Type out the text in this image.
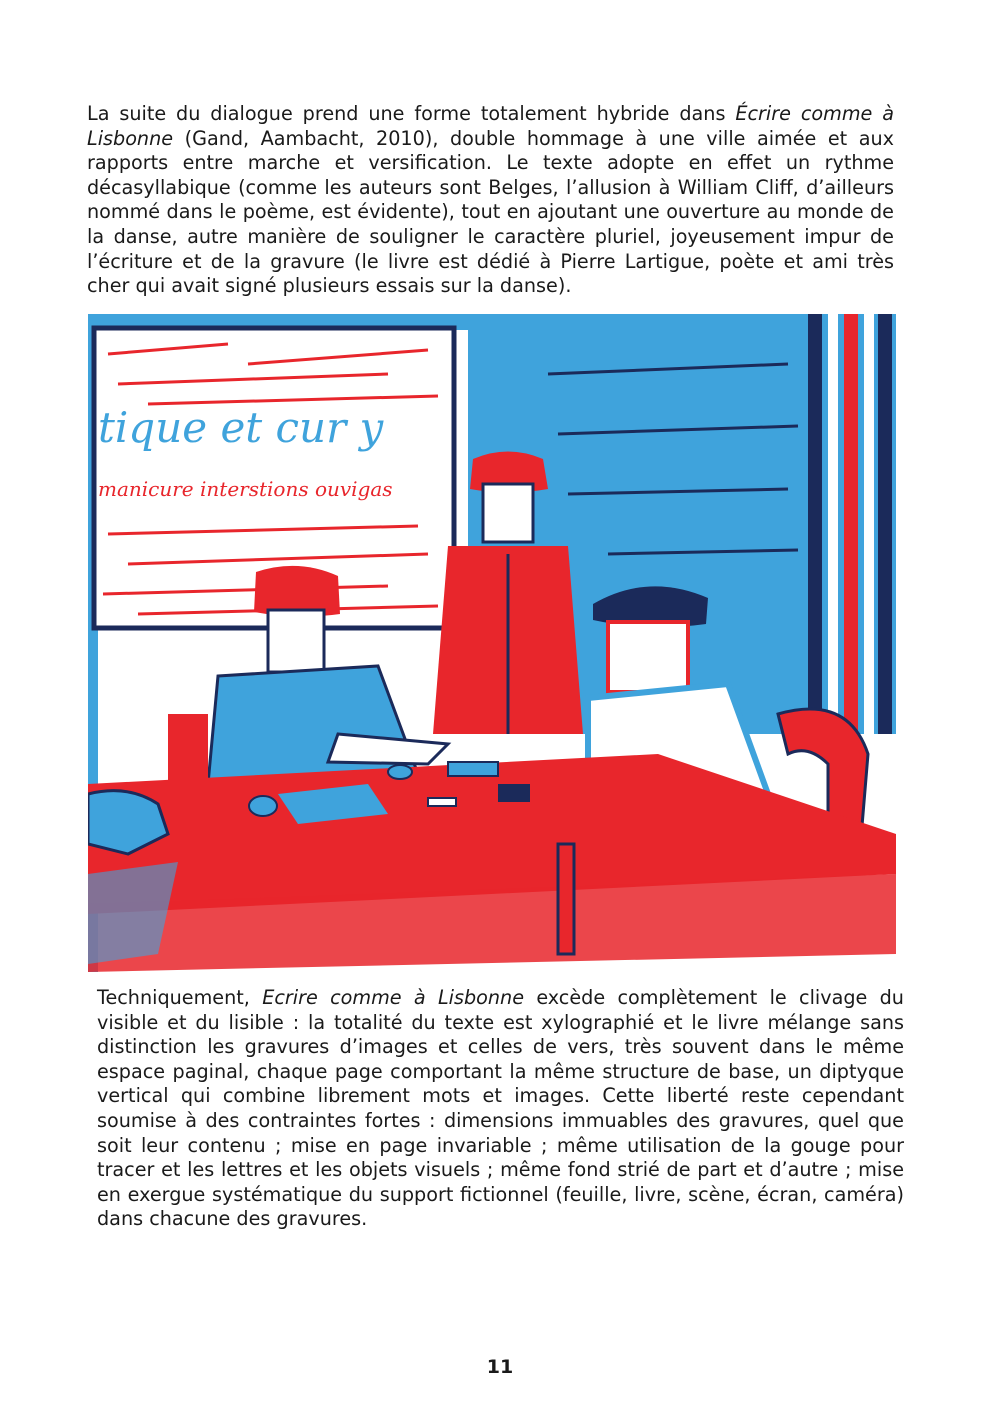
La suite du dialogue prend une forme totalement hybride dans Écrire comme à Lisbonne (Gand, Aambacht, 2010), double hommage à une ville aimée et aux rapports entre marche et versification. Le texte adopte en effet un rythme décasyllabique (comme les auteurs sont Belges, l’allusion à William Cliff, d’ailleurs nommé dans le poème, est évidente), tout en ajoutant une ouverture au monde de la danse, autre manière de souligner le caractère pluriel, joyeusement impur de l’écriture et de la gravure (le livre est dédié à Pierre Lartigue, poète et ami très cher qui avait signé plusieurs essais sur la danse).

tique et cur y
manicure interstions ouvigas

Techniquement, Ecrire comme à Lisbonne excède complètement le clivage du visible et du lisible : la totalité du texte est xylographié et le livre mélange sans distinction les gravures d’images et celles de vers, très souvent dans le même espace paginal, chaque page comportant la même structure de base, un diptyque vertical qui combine librement mots et images. Cette liberté reste cependant soumise à des contraintes fortes : dimensions immuables des gravures, quel que soit leur contenu ; mise en page invariable ; même utilisation de la gouge pour tracer et les lettres et les objets visuels ; même fond strié de part et d’autre ; mise en exergue systématique du support fictionnel (feuille, livre, scène, écran, caméra) dans chacune des gravures.

11
